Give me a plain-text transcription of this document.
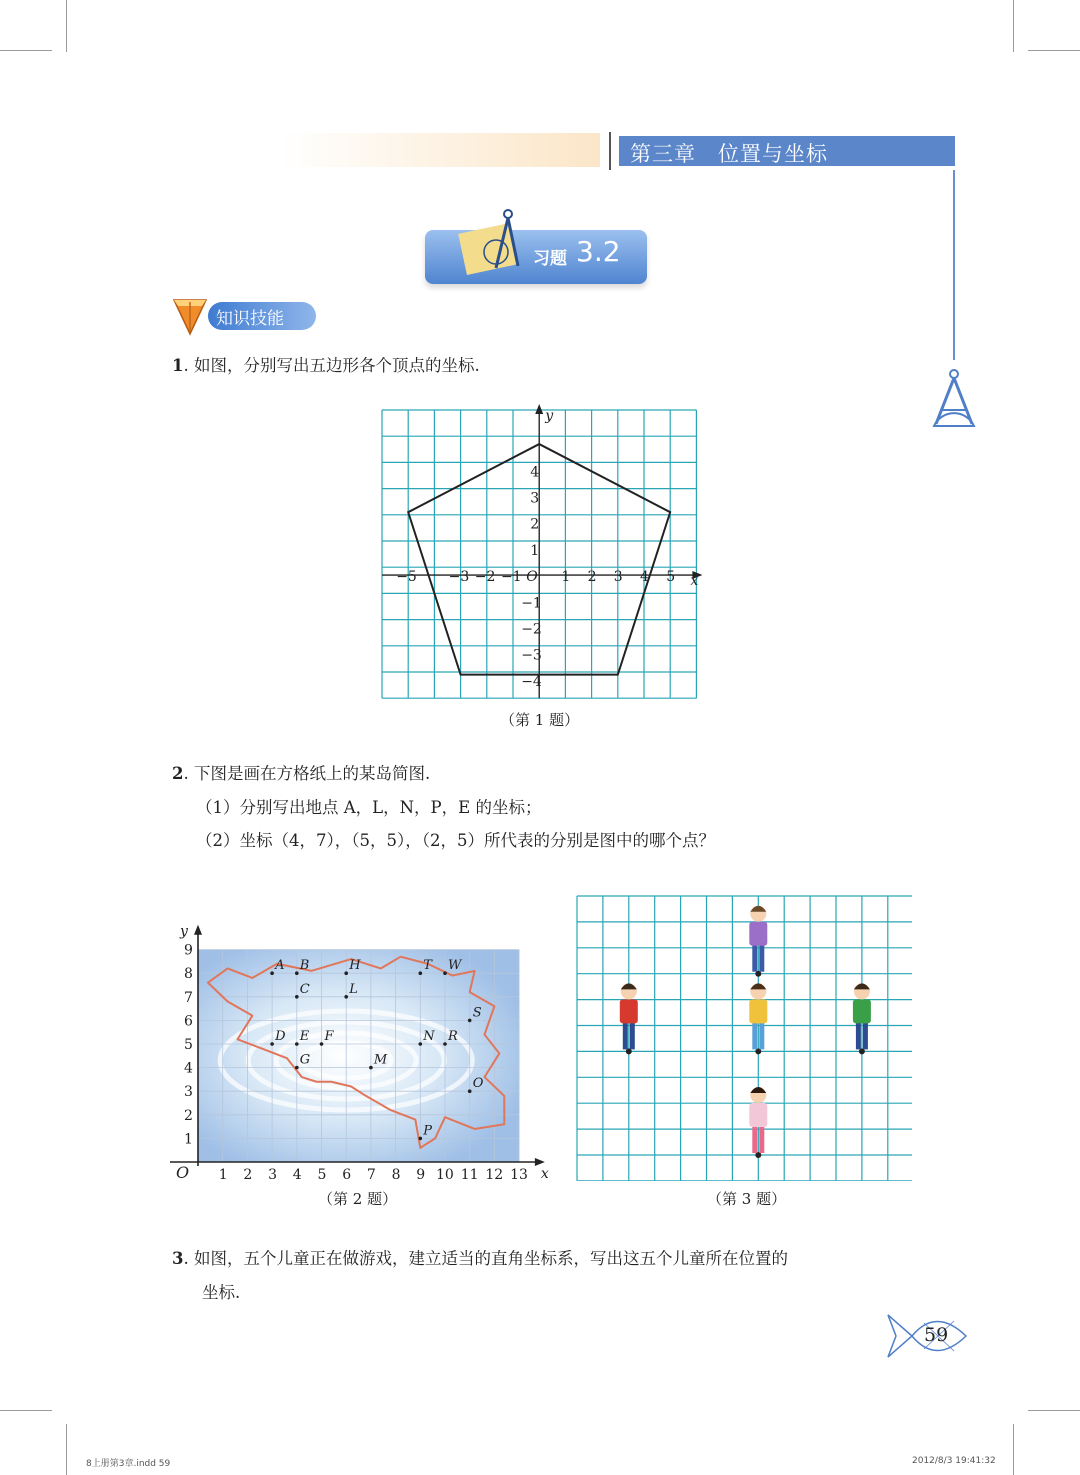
第三章 位置与坐标
习题 3.2
知识技能
1. 如图，分别写出五边形各个顶点的坐标.
−5 −3 −2 −1	1 2 3 4 5
1
2
3
4
−1
−2
−3
−4
O	x
y
（第 1 题）
2. 下图是画在方格纸上的某岛简图.
（1）分别写出地点 A，L，N，P，E 的坐标；
（2）坐标（4，7），（5，5），（2，5）所代表的分别是图中的哪个点？
1 2 3 4 5 6 7 8 9 10 11 12 13
1
2
3
4
5
6
7
8
9
O	x
y
A B
C
H
L
T W
D E F	N R
S
M
G
O
P
（第 2 题）	（第 3 题）
3. 如图，五个儿童正在做游戏，建立适当的直角坐标系，写出这五个儿童所在位置的
坐标.
59
8上册第3章.indd 59	2012/8/3 19:41:32
